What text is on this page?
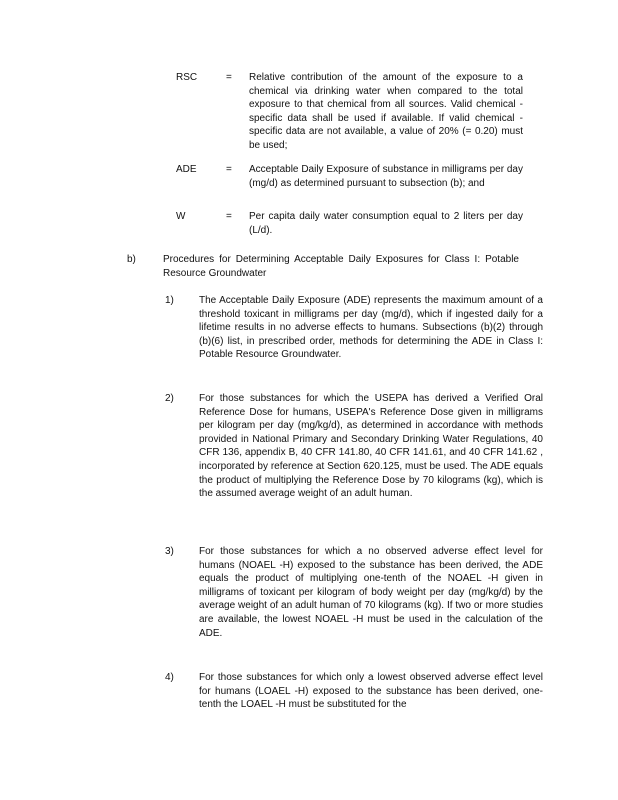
RSC	=	Relative contribution of the amount of the exposure to a chemical via drinking water when compared to the total exposure to that chemical from all sources. Valid chemical -specific data shall be used if available. If valid chemical -specific data are not available, a value of 20% (= 0.20) must be used;
ADE	=	Acceptable Daily Exposure of substance in milligrams per day (mg/d) as determined pursuant to subsection (b); and
W	=	Per capita daily water consumption equal to 2 liters per day (L/d).
b)	Procedures for Determining Acceptable Daily Exposures for Class I: Potable Resource Groundwater
1)	The Acceptable Daily Exposure (ADE) represents the maximum amount of a threshold toxicant in milligrams per day (mg/d), which if ingested daily for a lifetime results in no adverse effects to humans. Subsections (b)(2) through (b)(6) list, in prescribed order, methods for determining the ADE in Class I: Potable Resource Groundwater.
2)	For those substances for which the USEPA has derived a Verified Oral Reference Dose for humans, USEPA's Reference Dose given in milligrams per kilogram per day (mg/kg/d), as determined in accordance with methods provided in National Primary and Secondary Drinking Water Regulations, 40 CFR 136, appendix B, 40 CFR 141.80, 40 CFR 141.61, and 40 CFR 141.62 , incorporated by reference at Section 620.125, must be used. The ADE equals the product of multiplying the Reference Dose by 70 kilograms (kg), which is the assumed average weight of an adult human.
3)	For those substances for which a no observed adverse effect level for humans (NOAEL -H) exposed to the substance has been derived, the ADE equals the product of multiplying one-tenth of the NOAEL -H given in milligrams of toxicant per kilogram of body weight per day (mg/kg/d) by the average weight of an adult human of 70 kilograms (kg). If two or more studies are available, the lowest NOAEL -H must be used in the calculation of the ADE.
4)	For those substances for which only a lowest observed adverse effect level for humans (LOAEL -H) exposed to the substance has been derived, one-tenth the LOAEL -H must be substituted for the
